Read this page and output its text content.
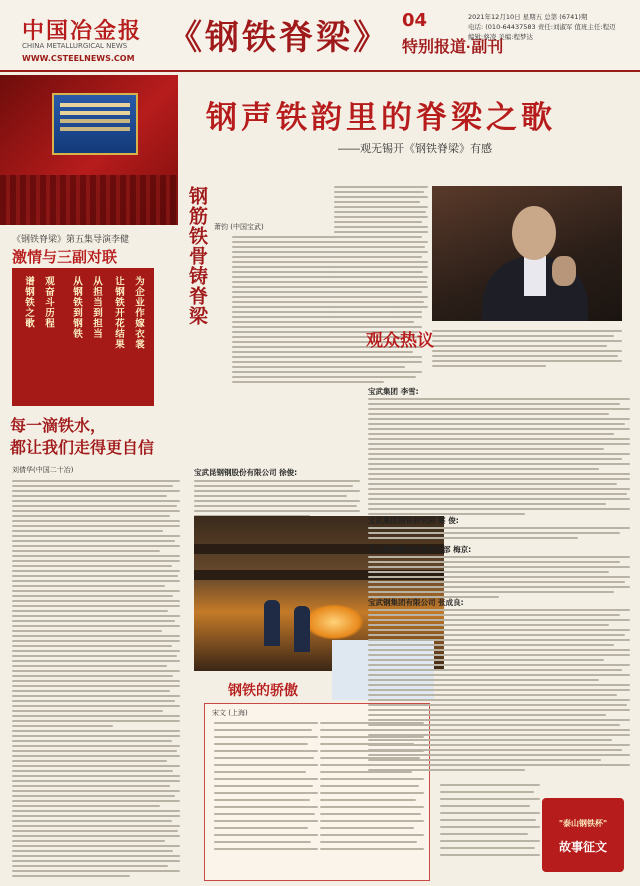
中国冶金报
CHINA METALLURGICAL NEWS
WWW.CSTEELNEWS.COM
《钢铁脊梁》 04
特别报道·副刊
2021年12月10日 星期五 总第 (6741)期
电话: (010-64437583 责任:刘淑军 值班主任:程迈
编辑:蔡凌 美编:程梦达
钢声铁韵里的脊梁之歌
——观无锡开《钢铁脊梁》有感
《钢铁脊梁》第五集导演李健
激情与三副对联
为企业作嫁衣裳
让钢铁开花结果
从担当到担当
从钢铁到钢铁
观奋斗历程
谱钢铁之歌	钢筋铁骨铸脊梁
每一滴铁水，
都让我们走得更自信
刘倩华(中国二十冶)
萧钧 (中国宝武)
宝武昆钢钢股份有限公司 徐俊:
钢铁的骄傲
宋文 (上海)
观众热议
宝武集团 李雪:
宝武集团钢铁研究院 蔡 俊:
宝武新钢集团党委宣传部 梅京:
宝武钢集团有限公司 张成良:
"泰山钢铁杯"
故事征文
